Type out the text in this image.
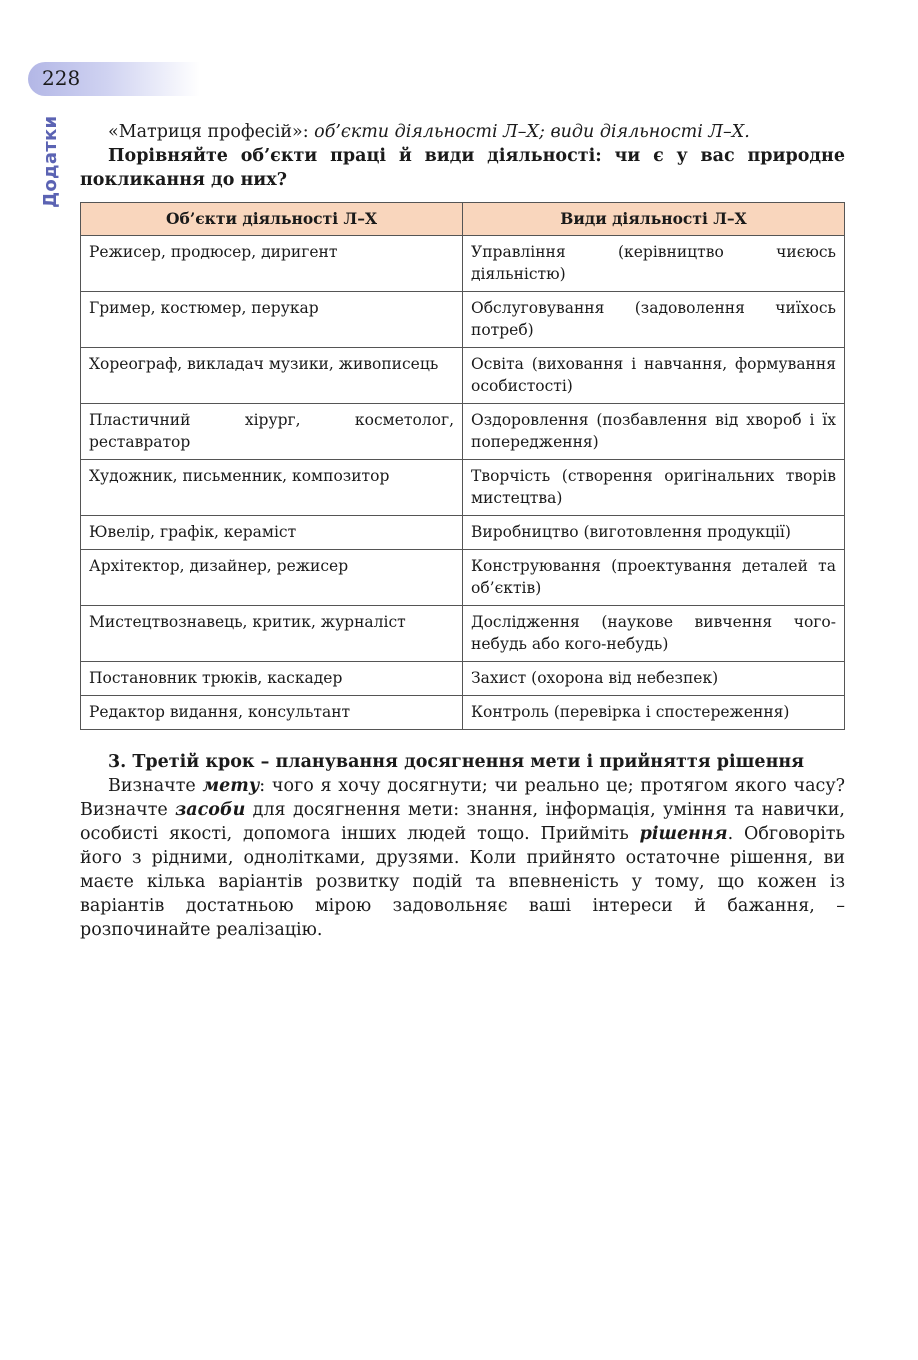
228
Додатки	«Матриця професій»: об’єкти діяльності Л–Х; види діяльності Л–Х.

Порівняйте об’єкти праці й види діяльності: чи є у вас природне покликання до них?

Об’єкти діяльності Л–Х	Види діяльності Л–Х
Режисер, продюсер, диригент	Управління (керівництво чиєюсь діяльністю)
Гример, костюмер, перукар	Обслуговування (задоволення чиїхось потреб)
Хореограф, викладач музики, живописець	Освіта (виховання і навчання, формування особистості)
Пластичний хірург, косметолог, реставратор	Оздоровлення (позбавлення від хвороб і їх попередження)
Художник, письменник, композитор	Творчість (створення оригінальних творів мистецтва)
Ювелір, графік, кераміст	Виробництво (виготовлення продукції)
Архітектор, дизайнер, режисер	Конструювання (проектування деталей та об’єктів)
Мистецтвознавець, критик, журналіст	Дослідження (наукове вивчення чого-небудь або кого-небудь)
Постановник трюків, каскадер	Захист (охорона від небезпек)
Редактор видання, консультант	Контроль (перевірка і спостереження)

3. Третій крок – планування досягнення мети і прийняття рішення

Визначте мету: чого я хочу досягнути; чи реально це; протягом якого часу? Визначте засоби для досягнення мети: знання, інформація, уміння та навички, особисті якості, допомога інших людей тощо. Прийміть рішення. Обговоріть його з рідними, однолітками, друзями. Коли прийнято остаточне рішення, ви маєте кілька варіантів розвитку подій та впевненість у тому, що кожен із варіантів достатньою мірою задовольняє ваші інтереси й бажання, – розпочинайте реалізацію.
